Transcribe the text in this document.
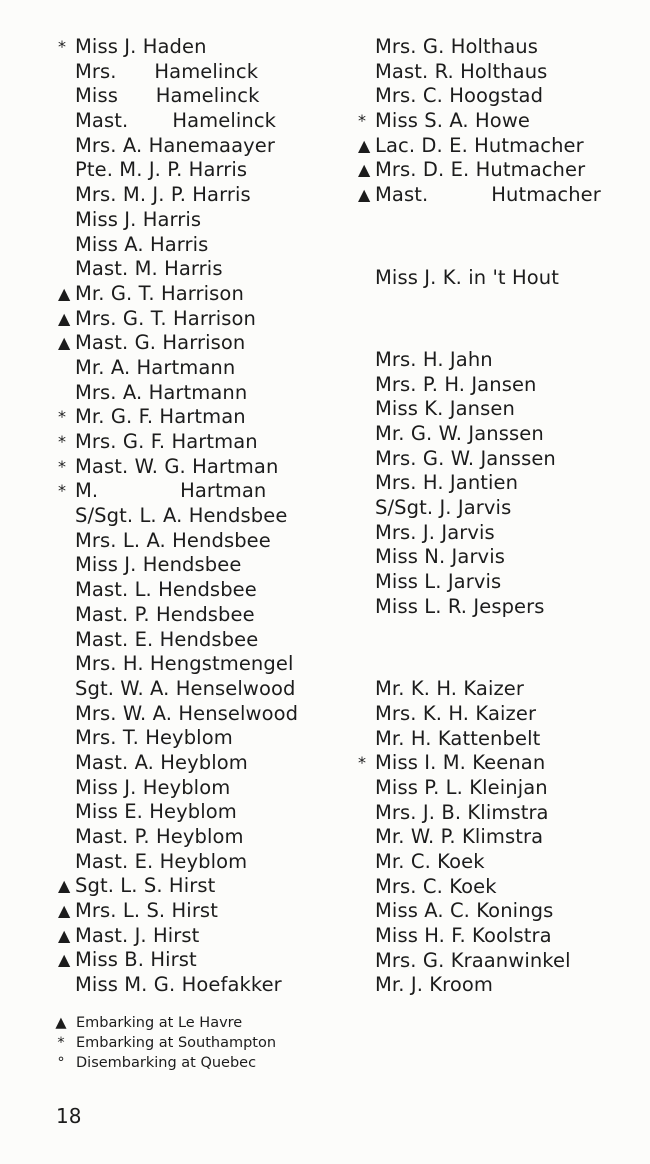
* Miss J. Haden
Mrs.      Hamelinck
Miss      Hamelinck
Mast.       Hamelinck
Mrs. A. Hanemaayer
Pte. M. J. P. Harris
Mrs. M. J. P. Harris
Miss J. Harris
Miss A. Harris
Mast. M. Harris
▲ Mr. G. T. Harrison
▲ Mrs. G. T. Harrison
▲ Mast. G. Harrison
Mr. A. Hartmann
Mrs. A. Hartmann
* Mr. G. F. Hartman
* Mrs. G. F. Hartman
* Mast. W. G. Hartman
* M.             Hartman
S/Sgt. L. A. Hendsbee
Mrs. L. A. Hendsbee
Miss J. Hendsbee
Mast. L. Hendsbee
Mast. P. Hendsbee
Mast. E. Hendsbee
Mrs. H. Hengstmengel
Sgt. W. A. Henselwood
Mrs. W. A. Henselwood
Mrs. T. Heyblom
Mast. A. Heyblom
Miss J. Heyblom
Miss E. Heyblom
Mast. P. Heyblom
Mast. E. Heyblom
▲ Sgt. L. S. Hirst
▲ Mrs. L. S. Hirst
▲ Mast. J. Hirst
▲ Miss B. Hirst
Miss M. G. Hoefakker
Mrs. G. Holthaus
Mast. R. Holthaus
Mrs. C. Hoogstad
* Miss S. A. Howe
▲ Lac. D. E. Hutmacher
▲ Mrs. D. E. Hutmacher
▲ Mast.          Hutmacher
Miss J. K. in 't Hout
Mrs. H. Jahn
Mrs. P. H. Jansen
Miss K. Jansen
Mr. G. W. Janssen
Mrs. G. W. Janssen
Mrs. H. Jantien
S/Sgt. J. Jarvis
Mrs. J. Jarvis
Miss N. Jarvis
Miss L. Jarvis
Miss L. R. Jespers
Mr. K. H. Kaizer
Mrs. K. H. Kaizer
Mr. H. Kattenbelt
* Miss I. M. Keenan
Miss P. L. Kleinjan
Mrs. J. B. Klimstra
Mr. W. P. Klimstra
Mr. C. Koek
Mrs. C. Koek
Miss A. C. Konings
Miss H. F. Koolstra
Mrs. G. Kraanwinkel
Mr. J. Kroom
▲ Embarking at Le Havre
* Embarking at Southampton
° Disembarking at Quebec
18
